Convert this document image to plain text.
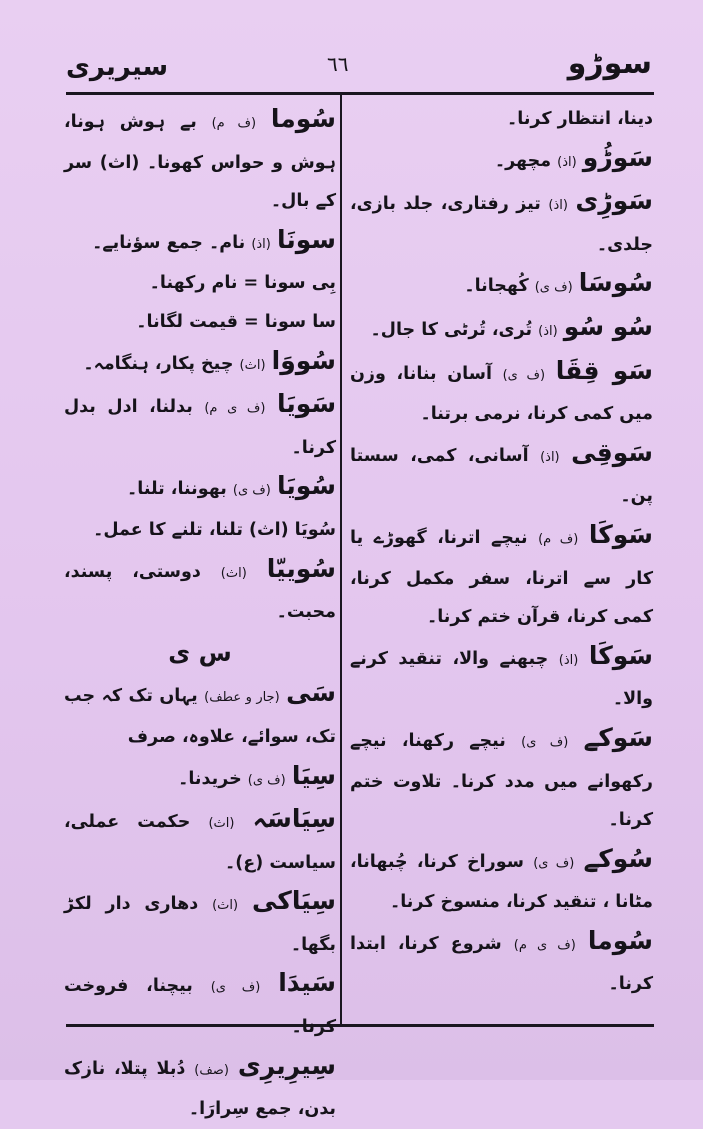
سوڑو
٦٦
سیریری

دینا، انتظار کرنا۔

سَوڑُو (اذ) مچھر۔

سَوڑِی (اذ) تیز رفتاری، جلد بازی، جلدی۔

سُوسَا (ف ی) کُھجانا۔

سُو سُو (اذ) تُری، تُرٹی کا جال۔

سَو قِقَا (ف ی) آسان بنانا، وزن میں کمی کرنا، نرمی برتنا۔

سَوقِی (اذ) آسانی، کمی، سستا پن۔

سَوکَا (ف م) نیچے اترنا، گھوڑے یا کار سے اترنا، سفر مکمل کرنا، کمی کرنا، قرآن ختم کرنا۔

سَوکَا (اذ) چبھنے والا، تنقید کرنے والا۔

سَوکے (ف ی) نیچے رکھنا، نیچے رکھوانے میں مدد کرنا۔ تلاوت ختم کرنا۔

سُوکے (ف ی) سوراخ کرنا، چُبھانا، مٹانا ، تنقید کرنا، منسوخ کرنا۔

سُوما (ف ی م) شروع کرنا، ابتدا کرنا۔

سُوما (ف م) بے ہوش ہونا، ہوش و حواس کھونا۔ (اث) سر کے بال۔

سونَا (اذ) نام۔ جمع سؤنایے۔

بِی سونا = نام رکھنا۔

سا سونا = قیمت لگانا۔

سُووَا (اث) چیخ پکار، ہنگامہ۔

سَویَا (ف ی م) بدلنا، ادل بدل کرنا۔

سُویَا (ف ی) بھوننا، تلنا۔

سُویَا (اث) تلنا، تلنے کا عمل۔

سُوییّا (اث) دوستی، پسند، محبت۔

س ی

سَی (جار و عطف) یہاں تک کہ جب تک، سوائے، علاوہ، صرف

سِیَا (ف ی) خریدنا۔

سِیَاسَہ (اث) حکمت عملی، سیاست (ع)۔

سِیَاکی (اث) دھاری دار لکڑ بگھا۔

سَیدَا (ف ی) بیچنا، فروخت کرنا۔

سِیرِیرِی (صف) دُبلا پتلا، نازک بدن، جمع سِرارَا۔
